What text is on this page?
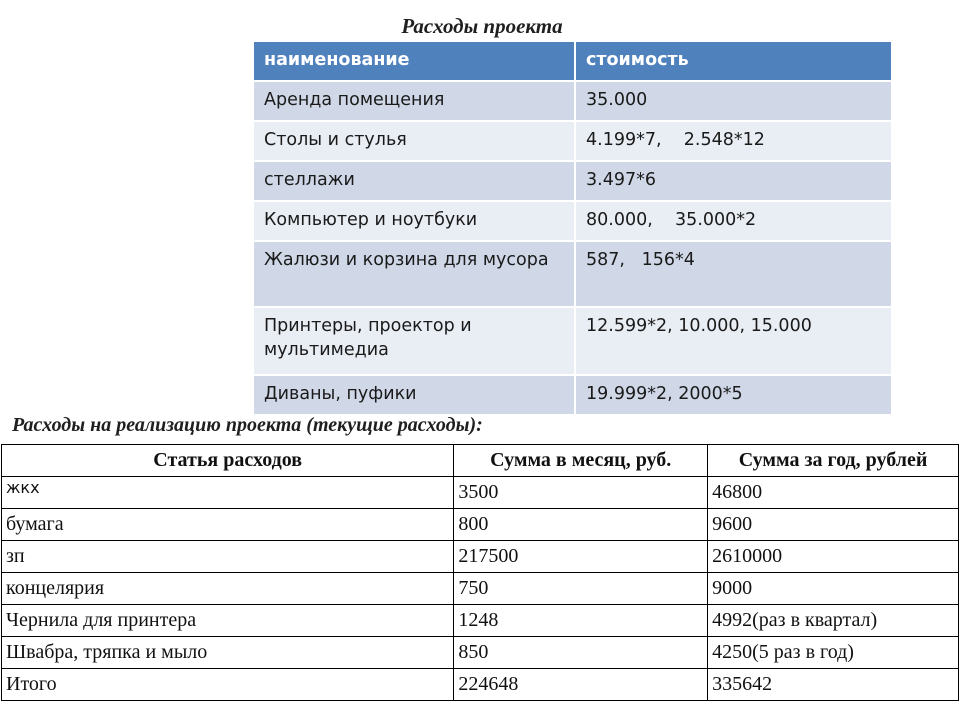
Расходы проекта
наименование	стоимость
Аренда помещения	35.000
Столы и стулья	4.199*7,    2.548*12
стеллажи	3.497*6
Компьютер и ноутбуки	80.000,    35.000*2
Жалюзи и корзина для мусора	587,   156*4
Принтеры, проектор и мультимедиа	12.599*2, 10.000, 15.000
Диваны, пуфики	19.999*2, 2000*5
Расходы на реализацию проекта (текущие расходы):
Статья расходов	Сумма в месяц, руб.	Сумма за год, рублей
жкх	3500	46800
бумага	800	9600
зп	217500	2610000
концелярия	750	9000
Чернила для принтера	1248	4992(раз в квартал)
Швабра, тряпка и мыло	850	4250(5 раз в год)
Итого	224648	335642
